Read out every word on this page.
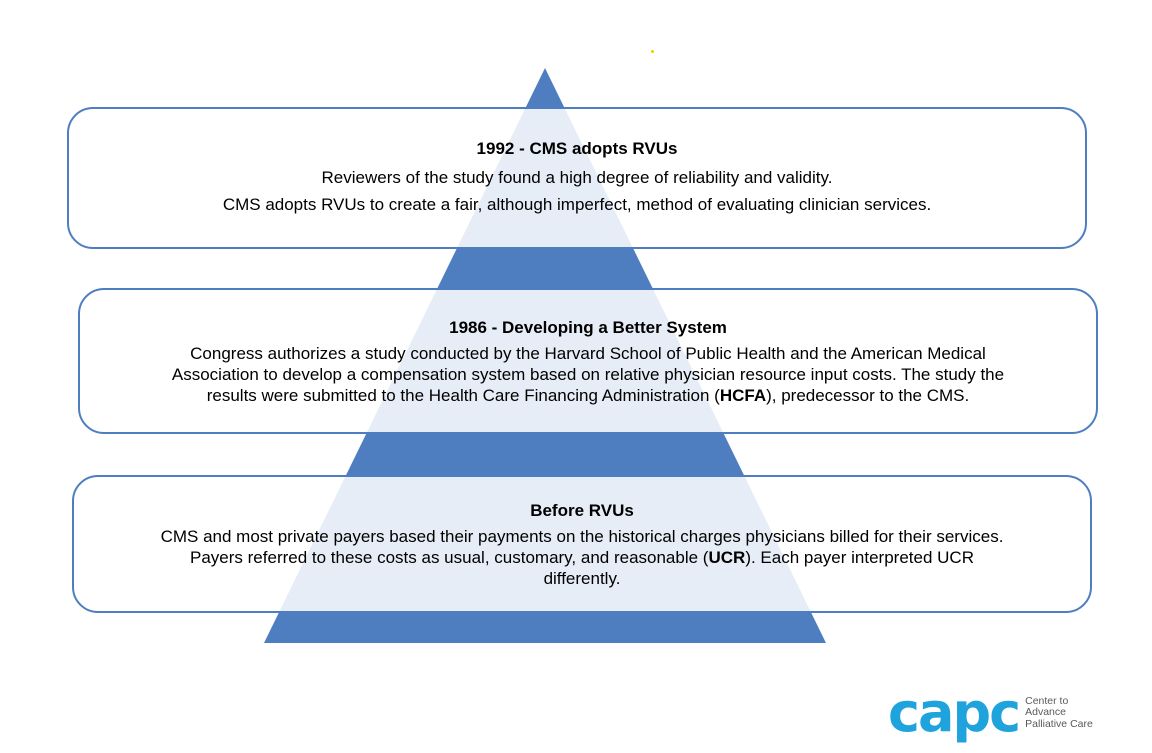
1992 - CMS adopts RVUs

Reviewers of the study found a high degree of reliability and validity.
CMS adopts RVUs to create a fair, although imperfect, method of evaluating clinician services.

1986 - Developing a Better System

Congress authorizes a study conducted by the Harvard School of Public Health and the American Medical
Association to develop a compensation system based on relative physician resource input costs. The study the
results were submitted to the Health Care Financing Administration (HCFA), predecessor to the CMS.

Before RVUs

CMS and most private payers based their payments on the historical charges physicians billed for their services.
Payers referred to these costs as usual, customary, and reasonable (UCR). Each payer interpreted UCR
differently.

capc Center to
Advance
Palliative Care
